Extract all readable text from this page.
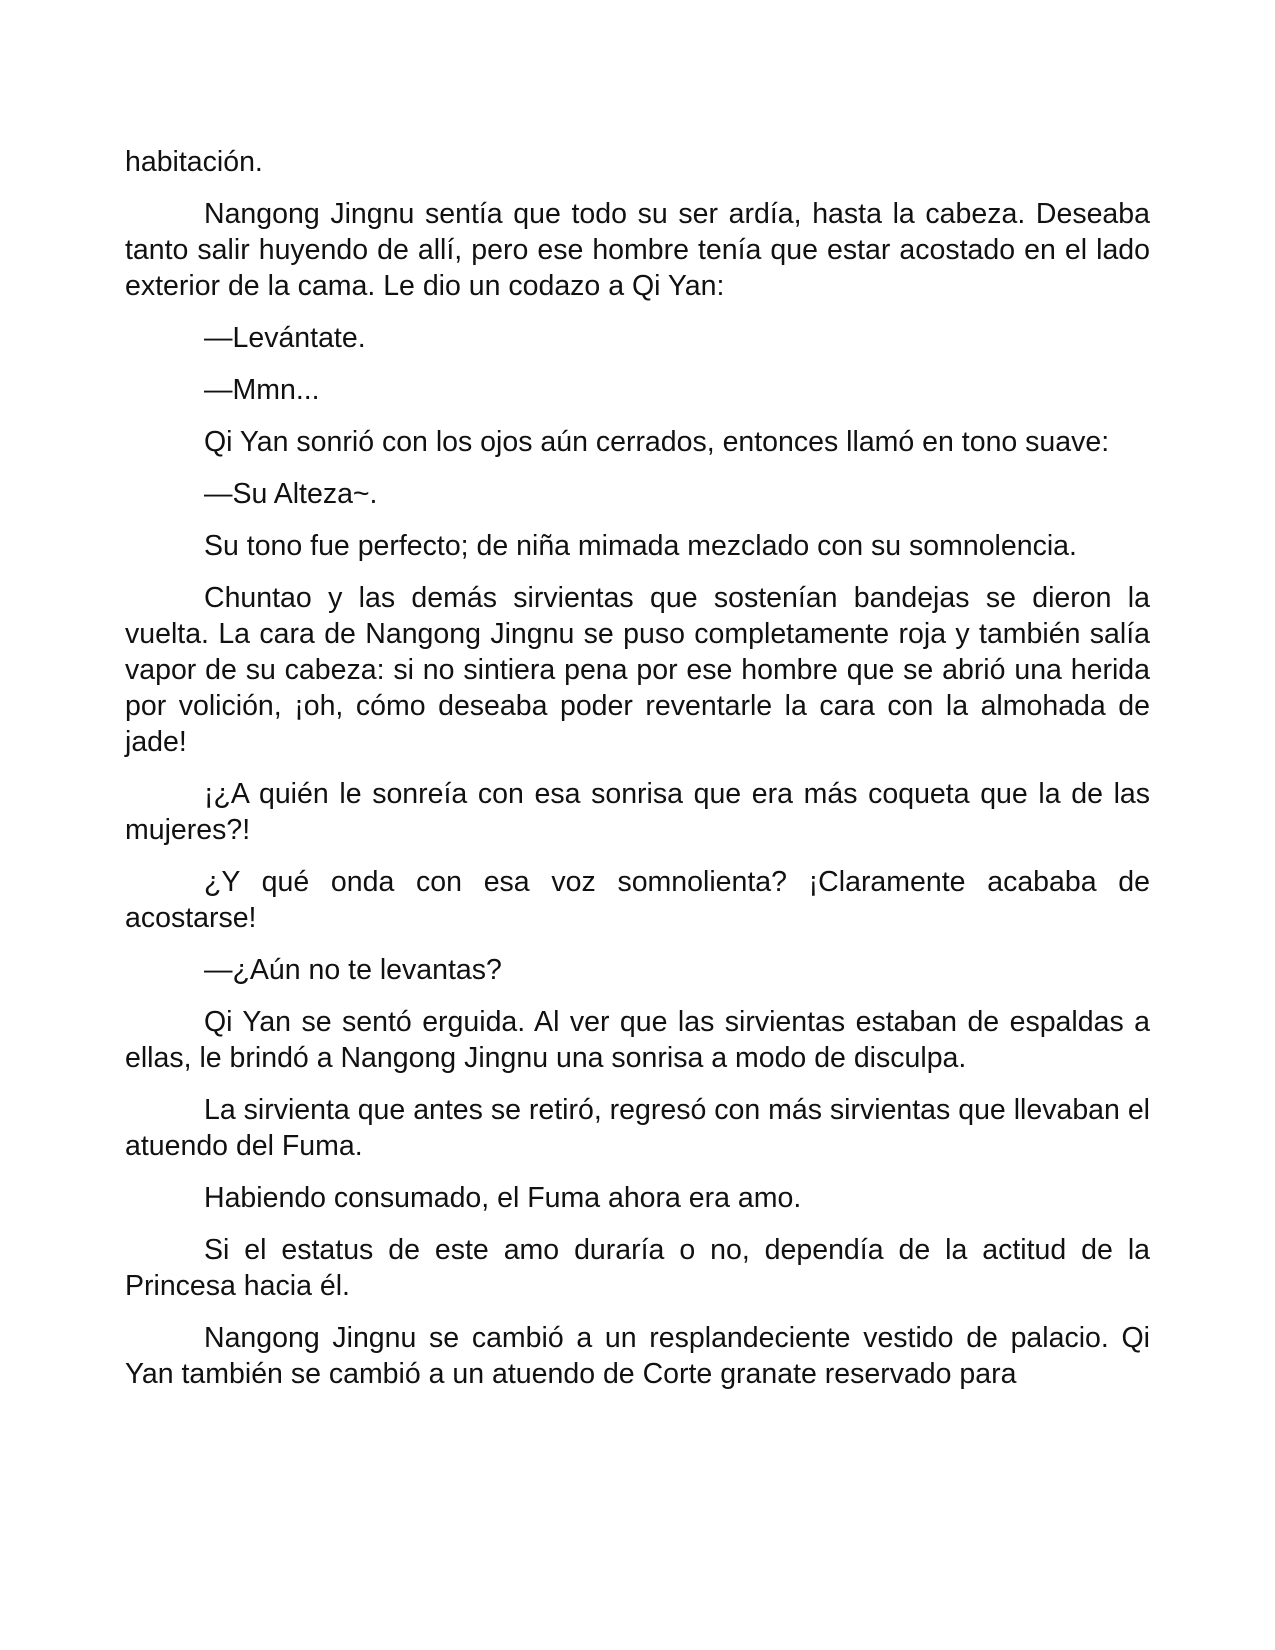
habitación.

Nangong Jingnu sentía que todo su ser ardía, hasta la cabeza. Deseaba tanto salir huyendo de allí, pero ese hombre tenía que estar acostado en el lado exterior de la cama. Le dio un codazo a Qi Yan:

—Levántate.

—Mmn...

Qi Yan sonrió con los ojos aún cerrados, entonces llamó en tono suave:

—Su Alteza~.

Su tono fue perfecto; de niña mimada mezclado con su somnolencia.

Chuntao y las demás sirvientas que sostenían bandejas se dieron la vuelta. La cara de Nangong Jingnu se puso completamente roja y también salía vapor de su cabeza: si no sintiera pena por ese hombre que se abrió una herida por volición, ¡oh, cómo deseaba poder reventarle la cara con la almohada de jade!

¡¿A quién le sonreía con esa sonrisa que era más coqueta que la de las mujeres?!

¿Y qué onda con esa voz somnolienta? ¡Claramente acababa de acostarse!

—¿Aún no te levantas?

Qi Yan se sentó erguida. Al ver que las sirvientas estaban de espaldas a ellas, le brindó a Nangong Jingnu una sonrisa a modo de disculpa.

La sirvienta que antes se retiró, regresó con más sirvientas que llevaban el atuendo del Fuma.

Habiendo consumado, el Fuma ahora era amo.

Si el estatus de este amo duraría o no, dependía de la actitud de la Princesa hacia él.

Nangong Jingnu se cambió a un resplandeciente vestido de palacio. Qi Yan también se cambió a un atuendo de Corte granate reservado para
